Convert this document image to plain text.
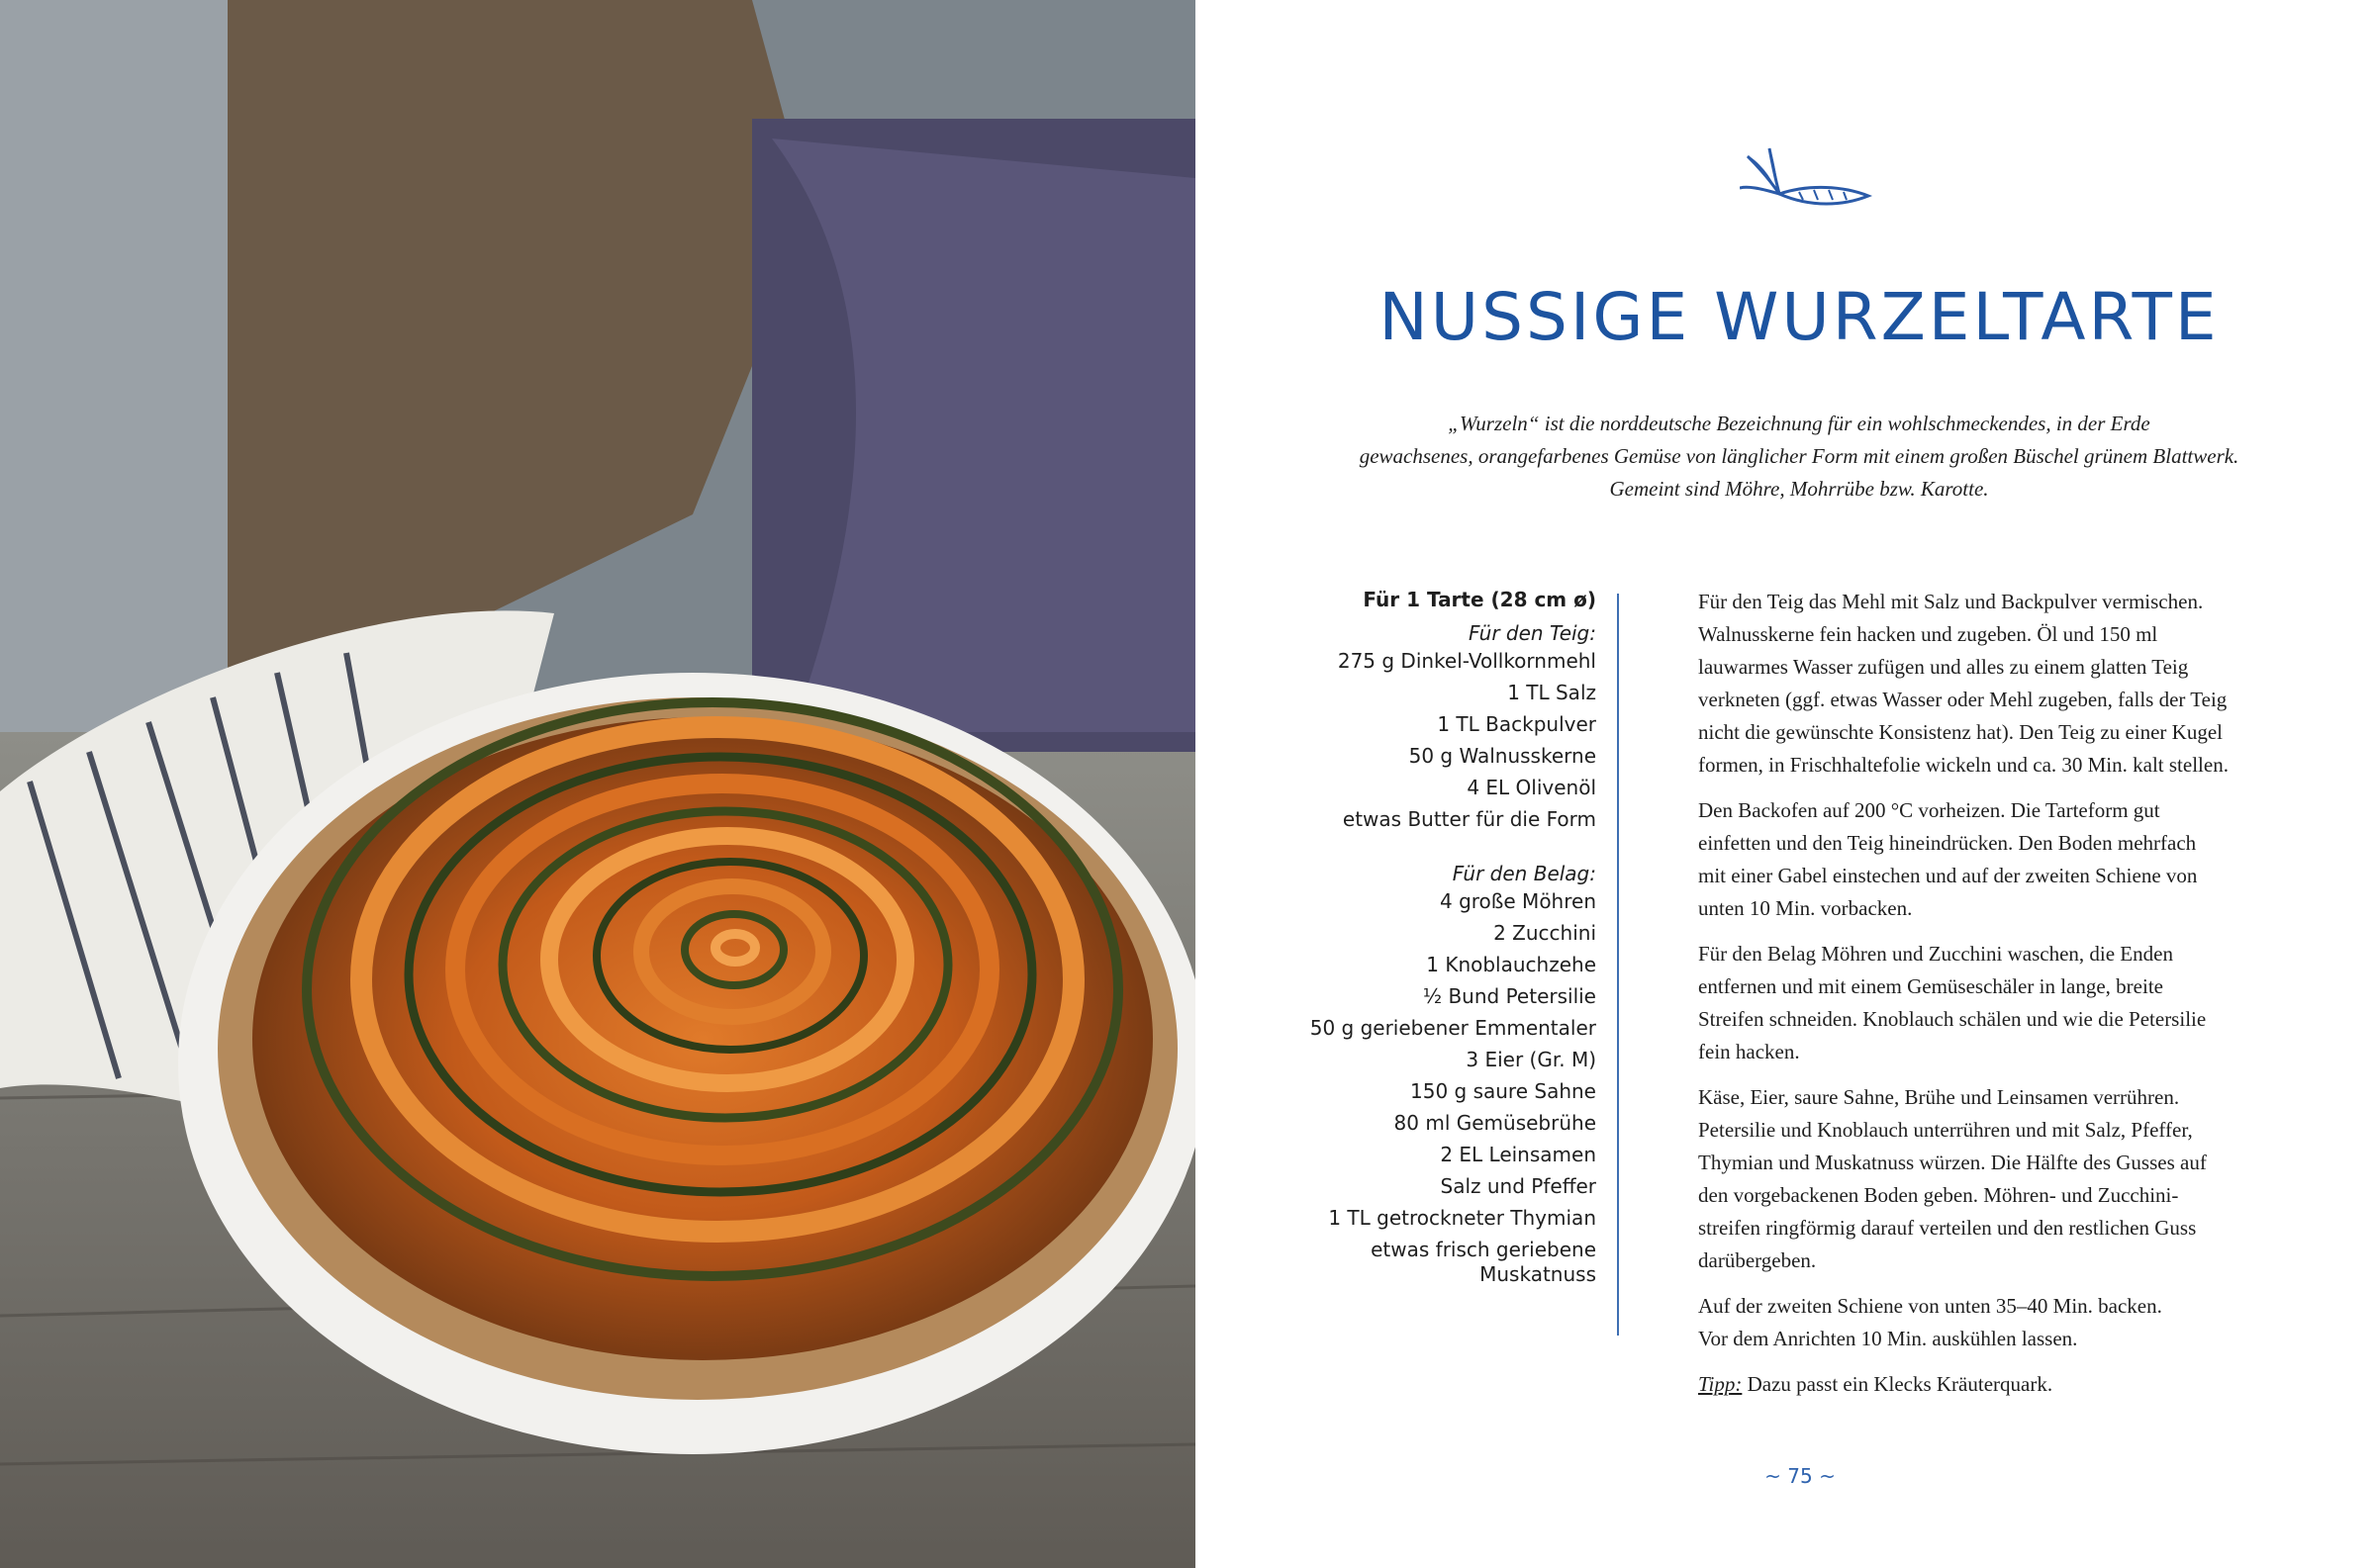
NUSSIGE WURZELTARTE
„Wurzeln“ ist die norddeutsche Bezeichnung für ein wohlschmeckendes, in der Erde
gewachsenes, orangefarbenes Gemüse von länglicher Form mit einem großen Büschel grünem Blattwerk.
Gemeint sind Möhre, Mohrrübe bzw. Karotte.
Für 1 Tarte (28 cm ø)
Für den Teig:
275 g Dinkel-Vollkornmehl
1 TL Salz
1 TL Backpulver
50 g Walnusskerne
4 EL Olivenöl
etwas Butter für die Form
Für den Belag:
4 große Möhren
2 Zucchini
1 Knoblauchzehe
½ Bund Petersilie
50 g geriebener Emmentaler
3 Eier (Gr. M)
150 g saure Sahne
80 ml Gemüsebrühe
2 EL Leinsamen
Salz und Pfeffer
1 TL getrockneter Thymian
etwas frisch geriebene Muskatnuss

Für den Teig das Mehl mit Salz und Backpulver vermischen.
Walnusskerne fein hacken und zugeben. Öl und 150 ml
lauwarmes Wasser zufügen und alles zu einem glatten Teig
verkneten (ggf. etwas Wasser oder Mehl zugeben, falls der Teig
nicht die gewünschte Konsistenz hat). Den Teig zu einer Kugel
formen, in Frischhaltefolie wickeln und ca. 30 Min. kalt stellen.

Den Backofen auf 200 °C vorheizen. Die Tarteform gut
einfetten und den Teig hineindrücken. Den Boden mehrfach
mit einer Gabel einstechen und auf der zweiten Schiene von
unten 10 Min. vorbacken.

Für den Belag Möhren und Zucchini waschen, die Enden
entfernen und mit einem Gemüseschäler in lange, breite
Streifen schneiden. Knoblauch schälen und wie die Petersilie
fein hacken.

Käse, Eier, saure Sahne, Brühe und Leinsamen verrühren.
Petersilie und Knoblauch unterrühren und mit Salz, Pfeffer,
Thymian und Muskatnuss würzen. Die Hälfte des Gusses auf
den vorgebackenen Boden geben. Möhren- und Zucchini-
streifen ringförmig darauf verteilen und den restlichen Guss
darübergeben.

Auf der zweiten Schiene von unten 35–40 Min. backen.
Vor dem Anrichten 10 Min. auskühlen lassen.

Tipp: Dazu passt ein Klecks Kräuterquark.

~ 75 ~
